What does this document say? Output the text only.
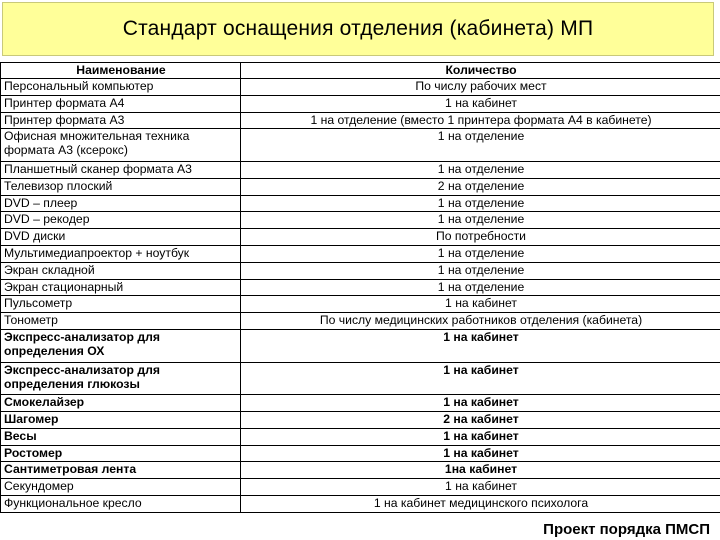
Стандарт оснащения отделения (кабинета) МП
Наименование	Количество
Персональный компьютер	По числу рабочих мест
Принтер формата А4	1 на кабинет
Принтер формата А3	1 на отделение (вместо 1 принтера формата А4 в кабинете)
Офисная множительная техника формата А3 (ксерокс)	1 на отделение
Планшетный сканер формата А3	1 на отделение
Телевизор плоский	2 на отделение
DVD – плеер	1 на отделение
DVD – рекодер	1 на отделение
DVD диски	По потребности
Мультимедиапроектор + ноутбук	1 на отделение
Экран складной	1 на отделение
Экран стационарный	1 на отделение
Пульсометр	1 на кабинет
Тонометр	По числу медицинских работников отделения (кабинета)
Экспресс-анализатор для определения ОХ	1 на кабинет
Экспресс-анализатор для определения глюкозы	1 на кабинет
Смокелайзер	1 на кабинет
Шагомер	2 на кабинет
Весы	1 на кабинет
Ростомер	1 на кабинет
Сантиметровая лента	1на кабинет
Секундомер	1 на кабинет
Функциональное кресло	1 на кабинет медицинского психолога
Проект порядка ПМСП
